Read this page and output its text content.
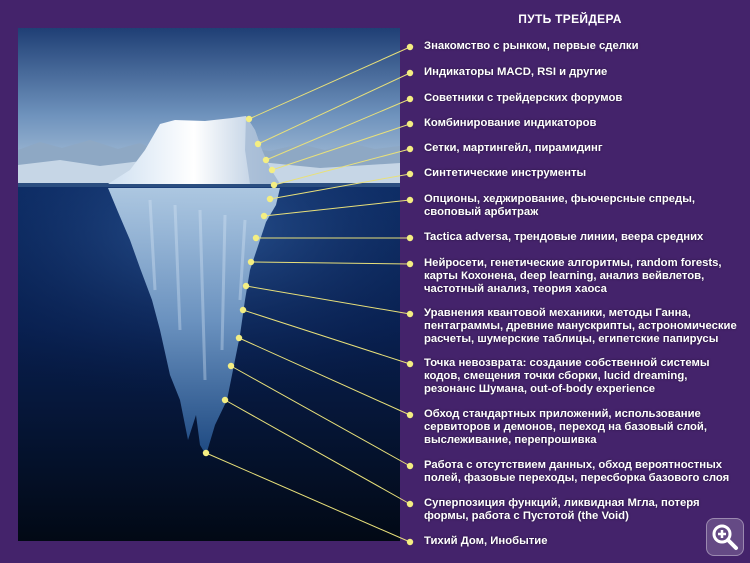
ПУТЬ ТРЕЙДЕРА
Знакомство с рынком, первые сделки
Индикаторы MACD, RSI и другие
Советники с трейдерских форумов
Комбинирование индикаторов
Сетки, мартингейл, пирамидинг
Синтетические инструменты
Опционы, хеджирование, фьючерсные спреды,
своповый арбитраж
Tactica adversa, трендовые линии, веера средних
Нейросети, генетические алгоритмы, random forests,
карты Кохонена, deep learning, анализ вейвлетов,
частотный анализ, теория хаоса
Уравнения квантовой механики, методы Ганна,
пентаграммы, древние манускрипты, астрономические
расчеты, шумерские таблицы, египетские папирусы
Точка невозврата: создание собственной системы
кодов, смещения точки сборки, lucid dreaming,
резонанс Шумана, out-of-body experience
Обход стандартных приложений, использование
сервиторов и демонов, переход на базовый слой,
выслеживание, перепрошивка
Работа с отсутствием данных, обход вероятностных
полей, фазовые переходы, пересборка базового слоя
Суперпозиция функций, ликвидная Мгла, потеря
формы, работа с Пустотой (the Void)
Тихий Дом, Инобытие
